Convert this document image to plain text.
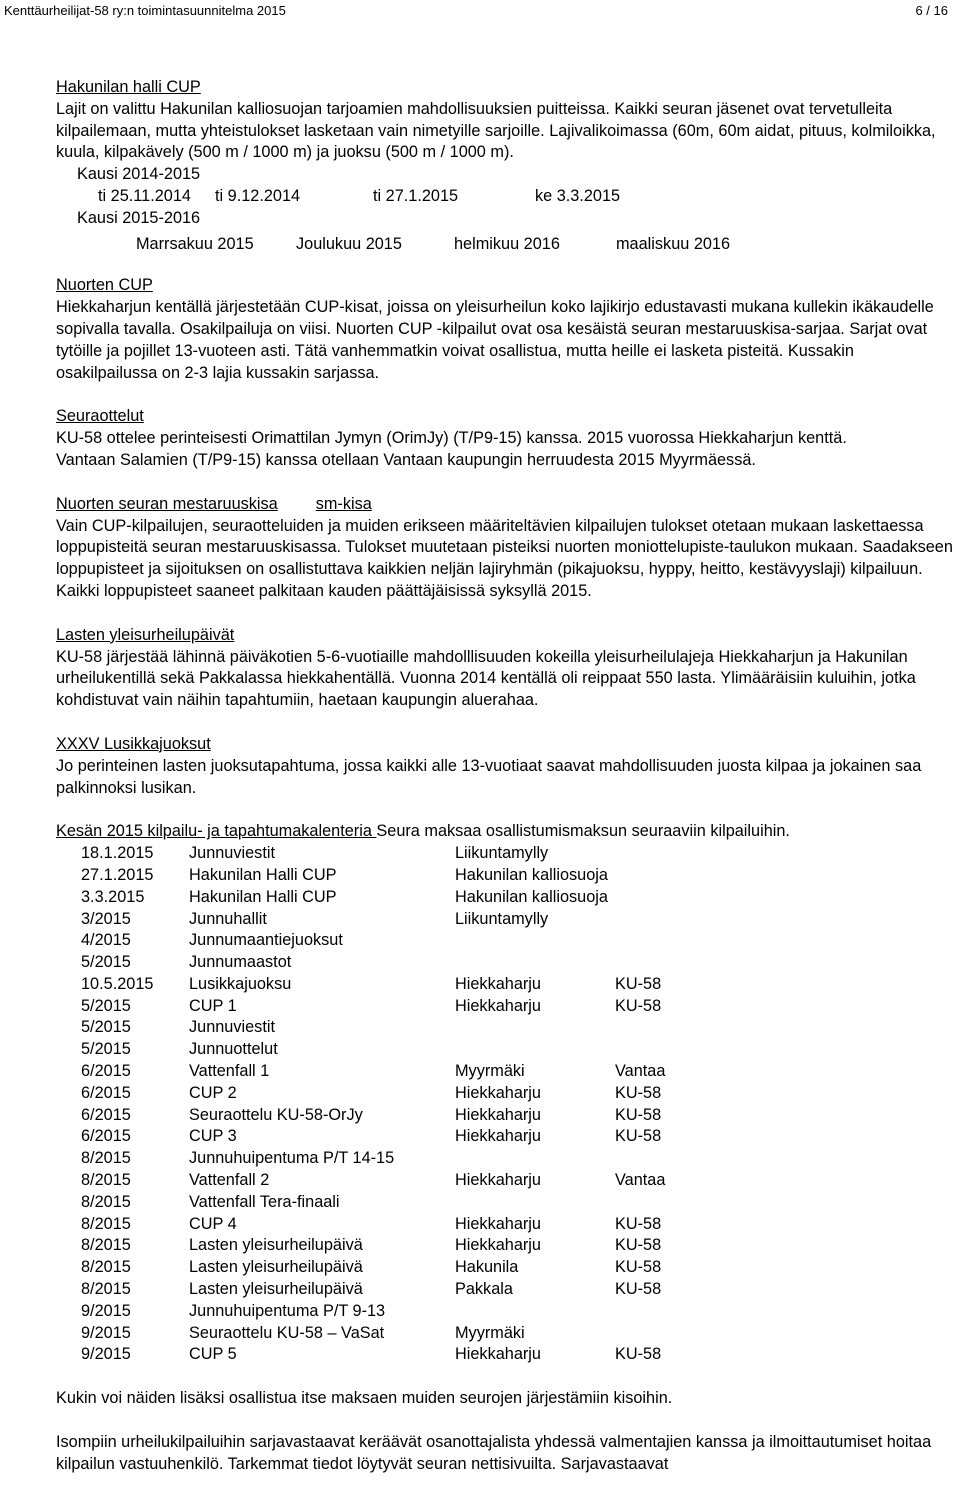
Kenttäurheilijat-58 ry:n toimintasuunnitelma 2015	6 / 16
Hakunilan halli CUP

Lajit on valittu Hakunilan kalliosuojan tarjoamien mahdollisuuksien puitteissa. Kaikki seuran jäsenet ovat tervetulleita kilpailemaan, mutta yhteistulokset lasketaan vain nimetyille sarjoille. Lajivalikoimassa (60m, 60m aidat, pituus, kolmiloikka, kuula, kilpakävely (500 m / 1000 m) ja juoksu (500 m / 1000 m).

Kausi 2014-2015
ti 25.11.2014	ti 9.12.2014	ti 27.1.2015	ke 3.3.2015
Kausi 2015-2016
Marrsakuu 2015	Joulukuu 2015	helmikuu 2016	maaliskuu 2016
Nuorten CUP

Hiekkaharjun kentällä järjestetään CUP-kisat, joissa on yleisurheilun koko lajikirjo edustavasti mukana kullekin ikäkaudelle sopivalla tavalla. Osakilpailuja on viisi. Nuorten CUP -kilpailut ovat osa kesäistä seuran mestaruuskisa-sarjaa. Sarjat ovat tytöille ja pojillet 13-vuoteen asti. Tätä vanhemmatkin voivat osallistua, mutta heille ei lasketa pisteitä. Kussakin osakilpailussa on 2-3 lajia kussakin sarjassa.

Seuraottelut

KU-58 ottelee perinteisesti Orimattilan Jymyn (OrimJy) (T/P9-15) kanssa. 2015 vuorossa Hiekkaharjun kenttä.

Vantaan Salamien (T/P9-15) kanssa otellaan Vantaan kaupungin herruudesta 2015 Myyrmäessä.

Nuorten seuran mestaruuskisa sm-kisa

Vain CUP-kilpailujen, seuraotteluiden ja muiden erikseen määriteltävien kilpailujen tulokset otetaan mukaan laskettaessa loppupisteitä seuran mestaruuskisassa. Tulokset muutetaan pisteiksi nuorten moniottelupiste-taulukon mukaan. Saadakseen loppupisteet ja sijoituksen on osallistuttava kaikkien neljän lajiryhmän (pikajuoksu, hyppy, heitto, kestävyyslaji) kilpailuun. Kaikki loppupisteet saaneet palkitaan kauden päättäjäisissä syksyllä 2015.

Lasten yleisurheilupäivät

KU-58 järjestää lähinnä päiväkotien 5-6-vuotiaille mahdolllisuuden kokeilla yleisurheilulajeja Hiekkaharjun ja Hakunilan urheilukentillä sekä Pakkalassa hiekkahentällä. Vuonna 2014 kentällä oli reippaat 550 lasta. Ylimääräisiin kuluihin, jotka kohdistuvat vain näihin tapahtumiin, haetaan kaupungin aluerahaa.

XXXV Lusikkajuoksut

Jo perinteinen lasten juoksutapahtuma, jossa kaikki alle 13-vuotiaat saavat mahdollisuuden juosta kilpaa ja jokainen saa palkinnoksi lusikan.

Kesän 2015 kilpailu- ja tapahtumakalenteria Seura maksaa osallistumismaksun seuraaviin kilpailuihin.
18.1.2015	Junnuviestit	Liikuntamylly
27.1.2015	Hakunilan Halli CUP	Hakunilan kalliosuoja
3.3.2015	Hakunilan Halli CUP	Hakunilan kalliosuoja
3/2015	Junnuhallit	Liikuntamylly
4/2015	Junnumaantiejuoksut
5/2015	Junnumaastot
10.5.2015	Lusikkajuoksu	Hiekkaharju	KU-58
5/2015	CUP 1	Hiekkaharju	KU-58
5/2015	Junnuviestit
5/2015	Junnuottelut
6/2015	Vattenfall 1	Myyrmäki	Vantaa
6/2015	CUP 2	Hiekkaharju	KU-58
6/2015	Seuraottelu KU-58-OrJy	Hiekkaharju	KU-58
6/2015	CUP 3	Hiekkaharju	KU-58
8/2015	Junnuhuipentuma P/T 14-15
8/2015	Vattenfall 2	Hiekkaharju	Vantaa
8/2015	Vattenfall Tera-finaali
8/2015	CUP 4	Hiekkaharju	KU-58
8/2015	Lasten yleisurheilupäivä	Hiekkaharju	KU-58
8/2015	Lasten yleisurheilupäivä	Hakunila	KU-58
8/2015	Lasten yleisurheilupäivä	Pakkala	KU-58
9/2015	Junnuhuipentuma P/T 9-13
9/2015	Seuraottelu KU-58 – VaSat	Myyrmäki
9/2015	CUP 5	Hiekkaharju	KU-58

Kukin voi näiden lisäksi osallistua itse maksaen muiden seurojen järjestämiin kisoihin.

Isompiin urheilukilpailuihin sarjavastaavat keräävät osanottajalista yhdessä valmentajien kanssa ja ilmoittautumiset hoitaa kilpailun vastuuhenkilö. Tarkemmat tiedot löytyvät seuran nettisivuilta. Sarjavastaavat
